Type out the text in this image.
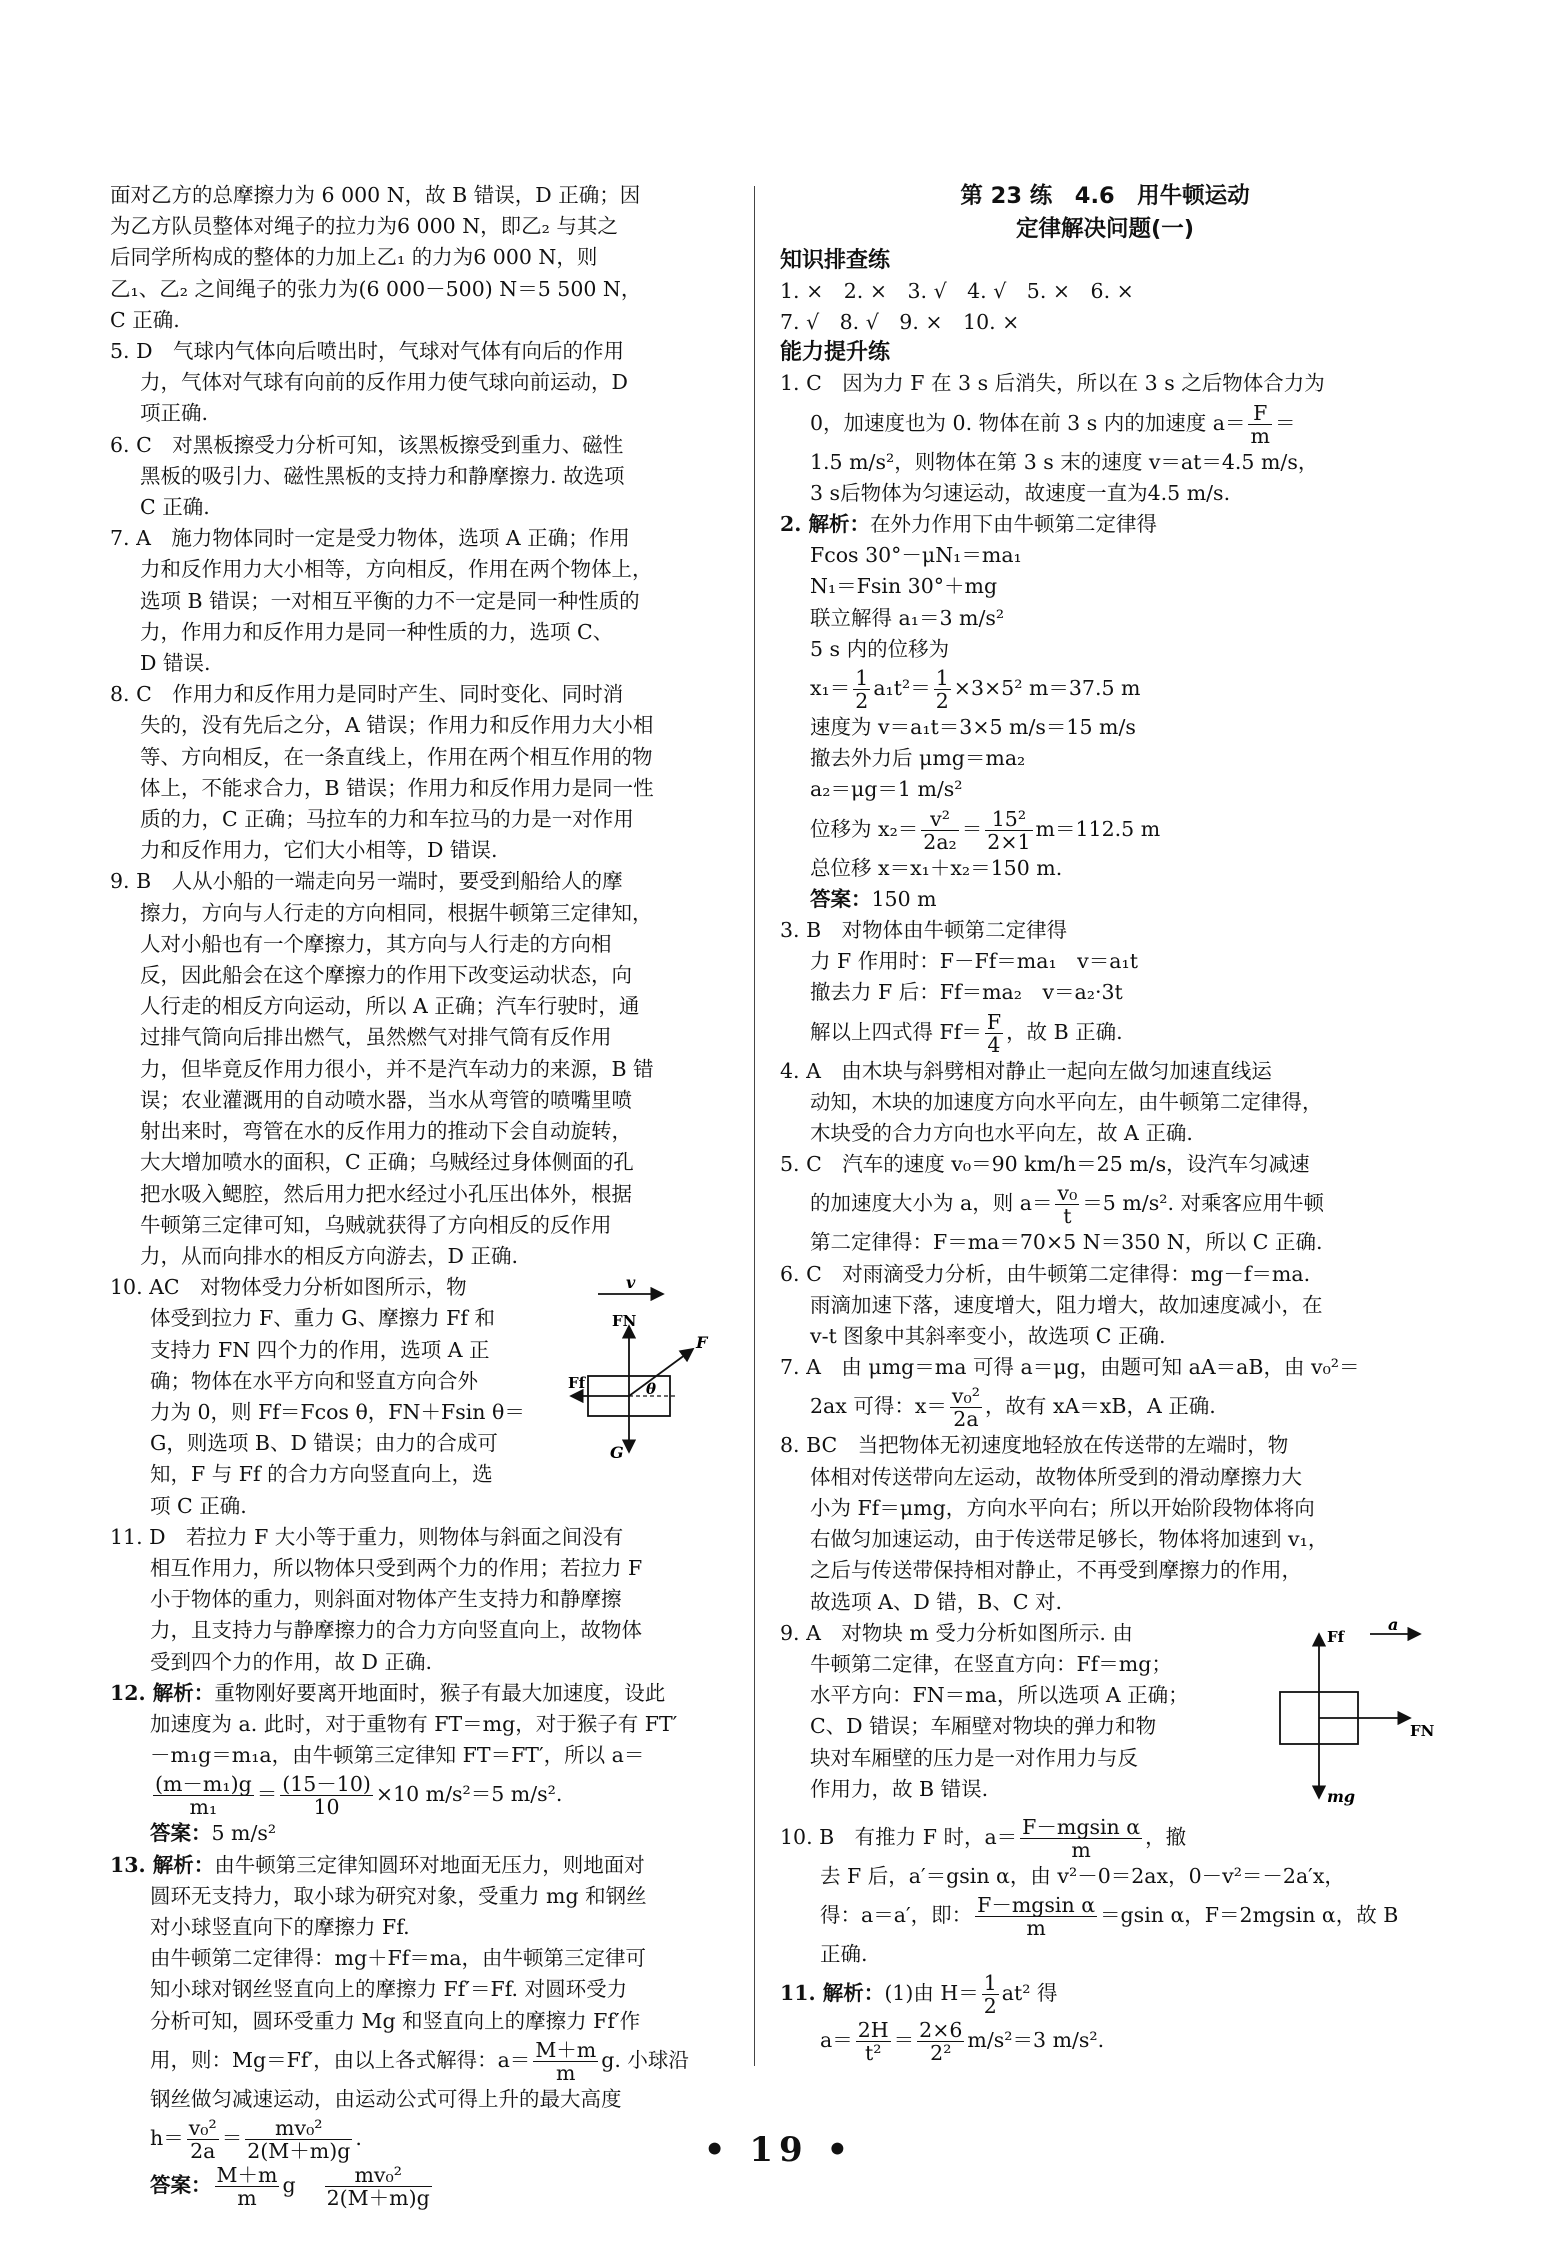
面对乙方的总摩擦力为 6 000 N，故 B 错误，D 正确；因

为乙方队员整体对绳子的拉力为6 000 N，即乙₂ 与其之

后同学所构成的整体的力加上乙₁ 的力为6 000 N，则

乙₁、乙₂ 之间绳子的张力为(6 000－500) N＝5 500 N，

C 正确.

5. D　气球内气体向后喷出时，气球对气体有向后的作用

力，气体对气球有向前的反作用力使气球向前运动，D

项正确.

6. C　对黑板擦受力分析可知，该黑板擦受到重力、磁性

黑板的吸引力、磁性黑板的支持力和静摩擦力. 故选项

C 正确.

7. A　施力物体同时一定是受力物体，选项 A 正确；作用

力和反作用力大小相等，方向相反，作用在两个物体上，

选项 B 错误；一对相互平衡的力不一定是同一种性质的

力，作用力和反作用力是同一种性质的力，选项 C、

D 错误.

8. C　作用力和反作用力是同时产生、同时变化、同时消

失的，没有先后之分，A 错误；作用力和反作用力大小相

等、方向相反，在一条直线上，作用在两个相互作用的物

体上，不能求合力，B 错误；作用力和反作用力是同一性

质的力，C 正确；马拉车的力和车拉马的力是一对作用

力和反作用力，它们大小相等，D 错误.

9. B　人从小船的一端走向另一端时，要受到船给人的摩

擦力，方向与人行走的方向相同，根据牛顿第三定律知，

人对小船也有一个摩擦力，其方向与人行走的方向相

反，因此船会在这个摩擦力的作用下改变运动状态，向

人行走的相反方向运动，所以 A 正确；汽车行驶时，通

过排气筒向后排出燃气，虽然燃气对排气筒有反作用

力，但毕竟反作用力很小，并不是汽车动力的来源，B 错

误；农业灌溉用的自动喷水器，当水从弯管的喷嘴里喷

射出来时，弯管在水的反作用力的推动下会自动旋转，

大大增加喷水的面积，C 正确；乌贼经过身体侧面的孔

把水吸入鳃腔，然后用力把水经过小孔压出体外，根据

牛顿第三定律可知，乌贼就获得了方向相反的反作用

力，从而向排水的相反方向游去，D 正确.

v
FN
F
Ff
G
θ

10. AC　对物体受力分析如图所示，物

体受到拉力 F、重力 G、摩擦力 Ff 和

支持力 FN 四个力的作用，选项 A 正

确；物体在水平方向和竖直方向合外

力为 0，则 Ff＝Fcos θ，FN＋Fsin θ＝

G，则选项 B、D 错误；由力的合成可

知，F 与 Ff 的合力方向竖直向上，选

项 C 正确.

11. D　若拉力 F 大小等于重力，则物体与斜面之间没有

相互作用力，所以物体只受到两个力的作用；若拉力 F

小于物体的重力，则斜面对物体产生支持力和静摩擦

力，且支持力与静摩擦力的合力方向竖直向上，故物体

受到四个力的作用，故 D 正确.

12. 解析：重物刚好要离开地面时，猴子有最大加速度，设此

加速度为 a. 此时，对于重物有 FT＝mg，对于猴子有 FT′

－m₁g＝m₁a，由牛顿第三定律知 FT＝FT′，所以 a＝

$\frac{\text{(m－m₁)g}}{\text{m₁}} = \frac{(15-10)}{10} \times 10$ m/s²＝5 m/s².

答案：5 m/s²

13. 解析：由牛顿第三定律知圆环对地面无压力，则地面对

圆环无支持力，取小球为研究对象，受重力 mg 和钢丝

对小球竖直向下的摩擦力 Ff.

由牛顿第二定律得：mg＋Ff＝ma，由牛顿第三定律可

知小球对钢丝竖直向上的摩擦力 Ff′＝Ff. 对圆环受力

分析可知，圆环受重力 Mg 和竖直向上的摩擦力 Ff′作

用，则：Mg＝Ff′，由以上各式解得：$a= \frac{M+m}{m} g$. 小球沿

钢丝做匀减速运动，由运动公式可得上升的最大高度

$h= \frac{\text{v₀²}}{2a} = \frac{\text{mv₀²}}{2(M+m)g}$ .

答案： $\frac{M+m}{m}$ g $\frac{\text{mv₀²}}{2(M+m)g}$

第 23 练　4.6　用牛顿运动
定律解决问题(一)
知识排查练

1. ×　2. ×　3. √　4. √　5. ×　6. ×

7. √　8. √　9. ×　10. ×

能力提升练

1. C　因为力 F 在 3 s 后消失，所以在 3 s 之后物体合力为

0，加速度也为 0. 物体在前 3 s 内的加速度 $a= \frac{F}{m}$ ＝

1.5 m/s²，则物体在第 3 s 末的速度 v＝at＝4.5 m/s，

3 s后物体为匀速运动，故速度一直为4.5 m/s.

2. 解析：在外力作用下由牛顿第二定律得

Fcos 30°－μN₁＝ma₁

N₁＝Fsin 30°＋mg

联立解得 a₁＝3 m/s²

5 s 内的位移为

$x_1= \frac{1}{2} a_1t^2= \frac{1}{2} \times 3\times 5^2$ m＝37.5 m

速度为 v＝a₁t＝3×5 m/s＝15 m/s

撤去外力后 μmg＝ma₂

a₂＝μg＝1 m/s²

位移为 $x_2= \frac{\text{v²}}{\text{2a₂}} = \frac{\text{15²}}{2\times 1} m=112.5$ m

总位移 x＝x₁＋x₂＝150 m.

答案：150 m

3. B　对物体由牛顿第二定律得

力 F 作用时：F－Ff＝ma₁　v＝a₁t

撤去力 F 后：Ff＝ma₂　v＝a₂·3t

解以上四式得 $Ff= \frac{F}{4}$ ，故 B 正确.

4. A　由木块与斜劈相对静止一起向左做匀加速直线运

动知，木块的加速度方向水平向左，由牛顿第二定律得，

木块受的合力方向也水平向左，故 A 正确.

5. C　汽车的速度 v₀＝90 km/h＝25 m/s，设汽车匀减速

的加速度大小为 a，则 $a= \frac{\text{v₀}}{t} =5$ m/s². 对乘客应用牛顿

第二定律得：F＝ma＝70×5 N＝350 N，所以 C 正确.

6. C　对雨滴受力分析，由牛顿第二定律得：mg－f＝ma.

雨滴加速下落，速度增大，阻力增大，故加速度减小，在

v-t 图象中其斜率变小，故选项 C 正确.

7. A　由 μmg＝ma 可得 a＝μg，由题可知 aA＝aB，由 v₀²＝

2ax 可得：$x= \frac{\text{v₀²}}{2a}$ ，故有 xA＝xB，A 正确.

8. BC　当把物体无初速度地轻放在传送带的左端时，物

体相对传送带向左运动，故物体所受到的滑动摩擦力大

小为 Ff＝μmg，方向水平向右；所以开始阶段物体将向

右做匀加速运动，由于传送带足够长，物体将加速到 v₁，

之后与传送带保持相对静止，不再受到摩擦力的作用，

故选项 A、D 错，B、C 对.

Ff
a
FN
mg

9. A　对物块 m 受力分析如图所示. 由

牛顿第二定律，在竖直方向：Ff＝mg；

水平方向：FN＝ma，所以选项 A 正确；

C、D 错误；车厢壁对物块的弹力和物

块对车厢壁的压力是一对作用力与反

作用力，故 B 错误.

10. B　有推力 F 时，$a= \frac{\text{F－mgsin α}}{m}$ ，撤

去 F 后，a′＝gsin α，由 v²－0＝2ax，0－v²＝－2a′x，

得：a＝a′，即： $\frac{\text{F－mgsin α}}{m} =gsin$ α，F＝2mgsin α，故 B

正确.

11. 解析：(1)由 $H= \frac{1}{2} at^2$ 得

$a= \frac{2H}{\text{t²}} = \frac{2\times 6}{\text{2²}} m/s^2=3$ m/s².

• 19 •
